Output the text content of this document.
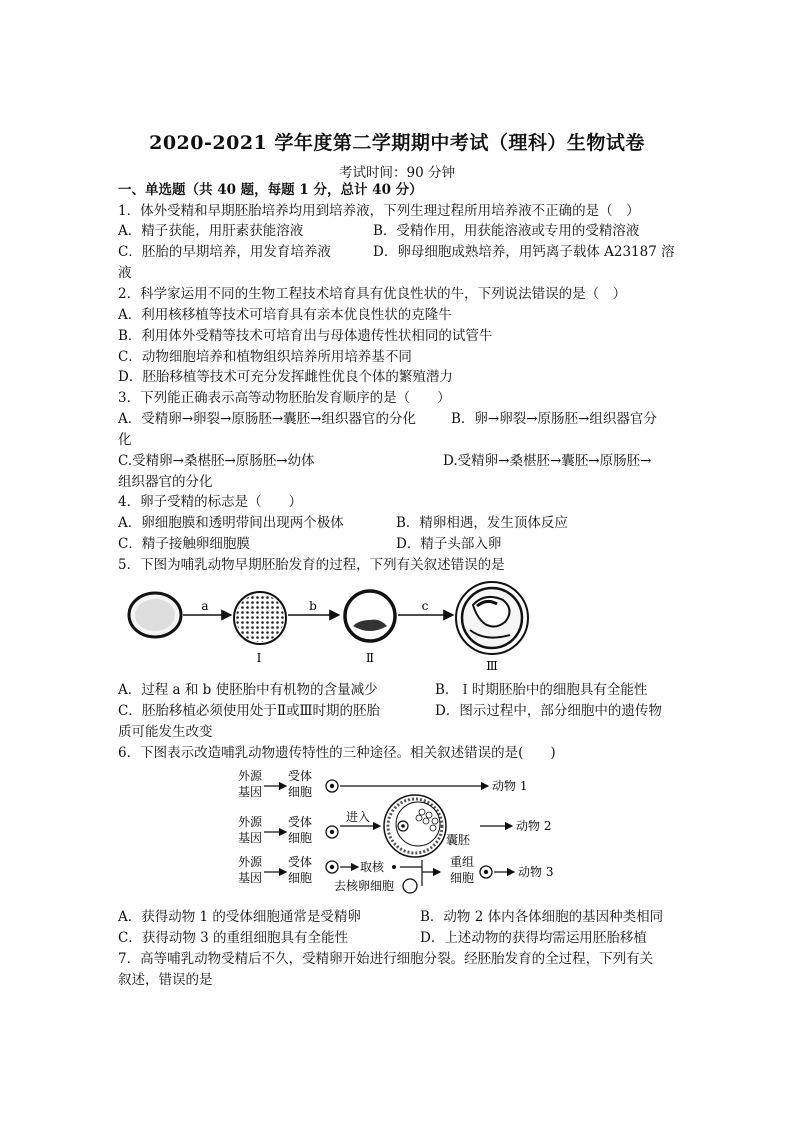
2020-2021 学年度第二学期期中考试（理科）生物试卷
考试时间：90 分钟
一、单选题（共 40 题，每题 1 分，总计 40 分）
1．体外受精和早期胚胎培养均用到培养液，下列生理过程所用培养液不正确的是（　）
A．精子获能，用肝素获能溶液	B．受精作用，用获能溶液或专用的受精溶液
C．胚胎的早期培养，用发育培养液	D．卵母细胞成熟培养，用钙离子载体 A23187 溶
液
2．科学家运用不同的生物工程技术培育具有优良性状的牛，下列说法错误的是（　）
A．利用核移植等技术可培育具有亲本优良性状的克隆牛
B．利用体外受精等技术可培育出与母体遗传性状相同的试管牛
C．动物细胞培养和植物组织培养所用培养基不同
D．胚胎移植等技术可充分发挥雌性优良个体的繁殖潜力
3．下列能正确表示高等动物胚胎发育顺序的是（　　）
A．受精卵→卵裂→原肠胚→囊胚→组织器官的分化	B．卵→卵裂→原肠胚→组织器官分
化
C.受精卵→桑椹胚→原肠胚→幼体	D.受精卵→桑椹胚→囊胚→原肠胚→
组织器官的分化
4．卵子受精的标志是（　　）
A．卵细胞膜和透明带间出现两个极体	B．精卵相遇，发生顶体反应
C．精子接触卵细胞膜	D．精子头部入卵
5．下图为哺乳动物早期胚胎发育的过程，下列有关叙述错误的是
a
I
b
Ⅱ
c
Ⅲ
A．过程 a 和 b 使胚胎中有机物的含量减少	B．Ｉ时期胚胎中的细胞具有全能性
C．胚胎移植必须使用处于Ⅱ或Ⅲ时期的胚胎	D．图示过程中，部分细胞中的遗传物
质可能发生改变
6．下图表示改造哺乳动物遗传特性的三种途径。相关叙述错误的是(　　)
外源
基因
受体
细胞	动物 1
外源
基因
受体
细胞
进入
囊胚
动物 2
外源
基因
受体
细胞
取核
去核卵细胞
重组
细胞	动物 3
A．获得动物 1 的受体细胞通常是受精卵	B．动物 2 体内各体细胞的基因种类相同
C．获得动物 3 的重组细胞具有全能性	D．上述动物的获得均需运用胚胎移植
7．高等哺乳动物受精后不久，受精卵开始进行细胞分裂。经胚胎发育的全过程，下列有关
叙述，错误的是
